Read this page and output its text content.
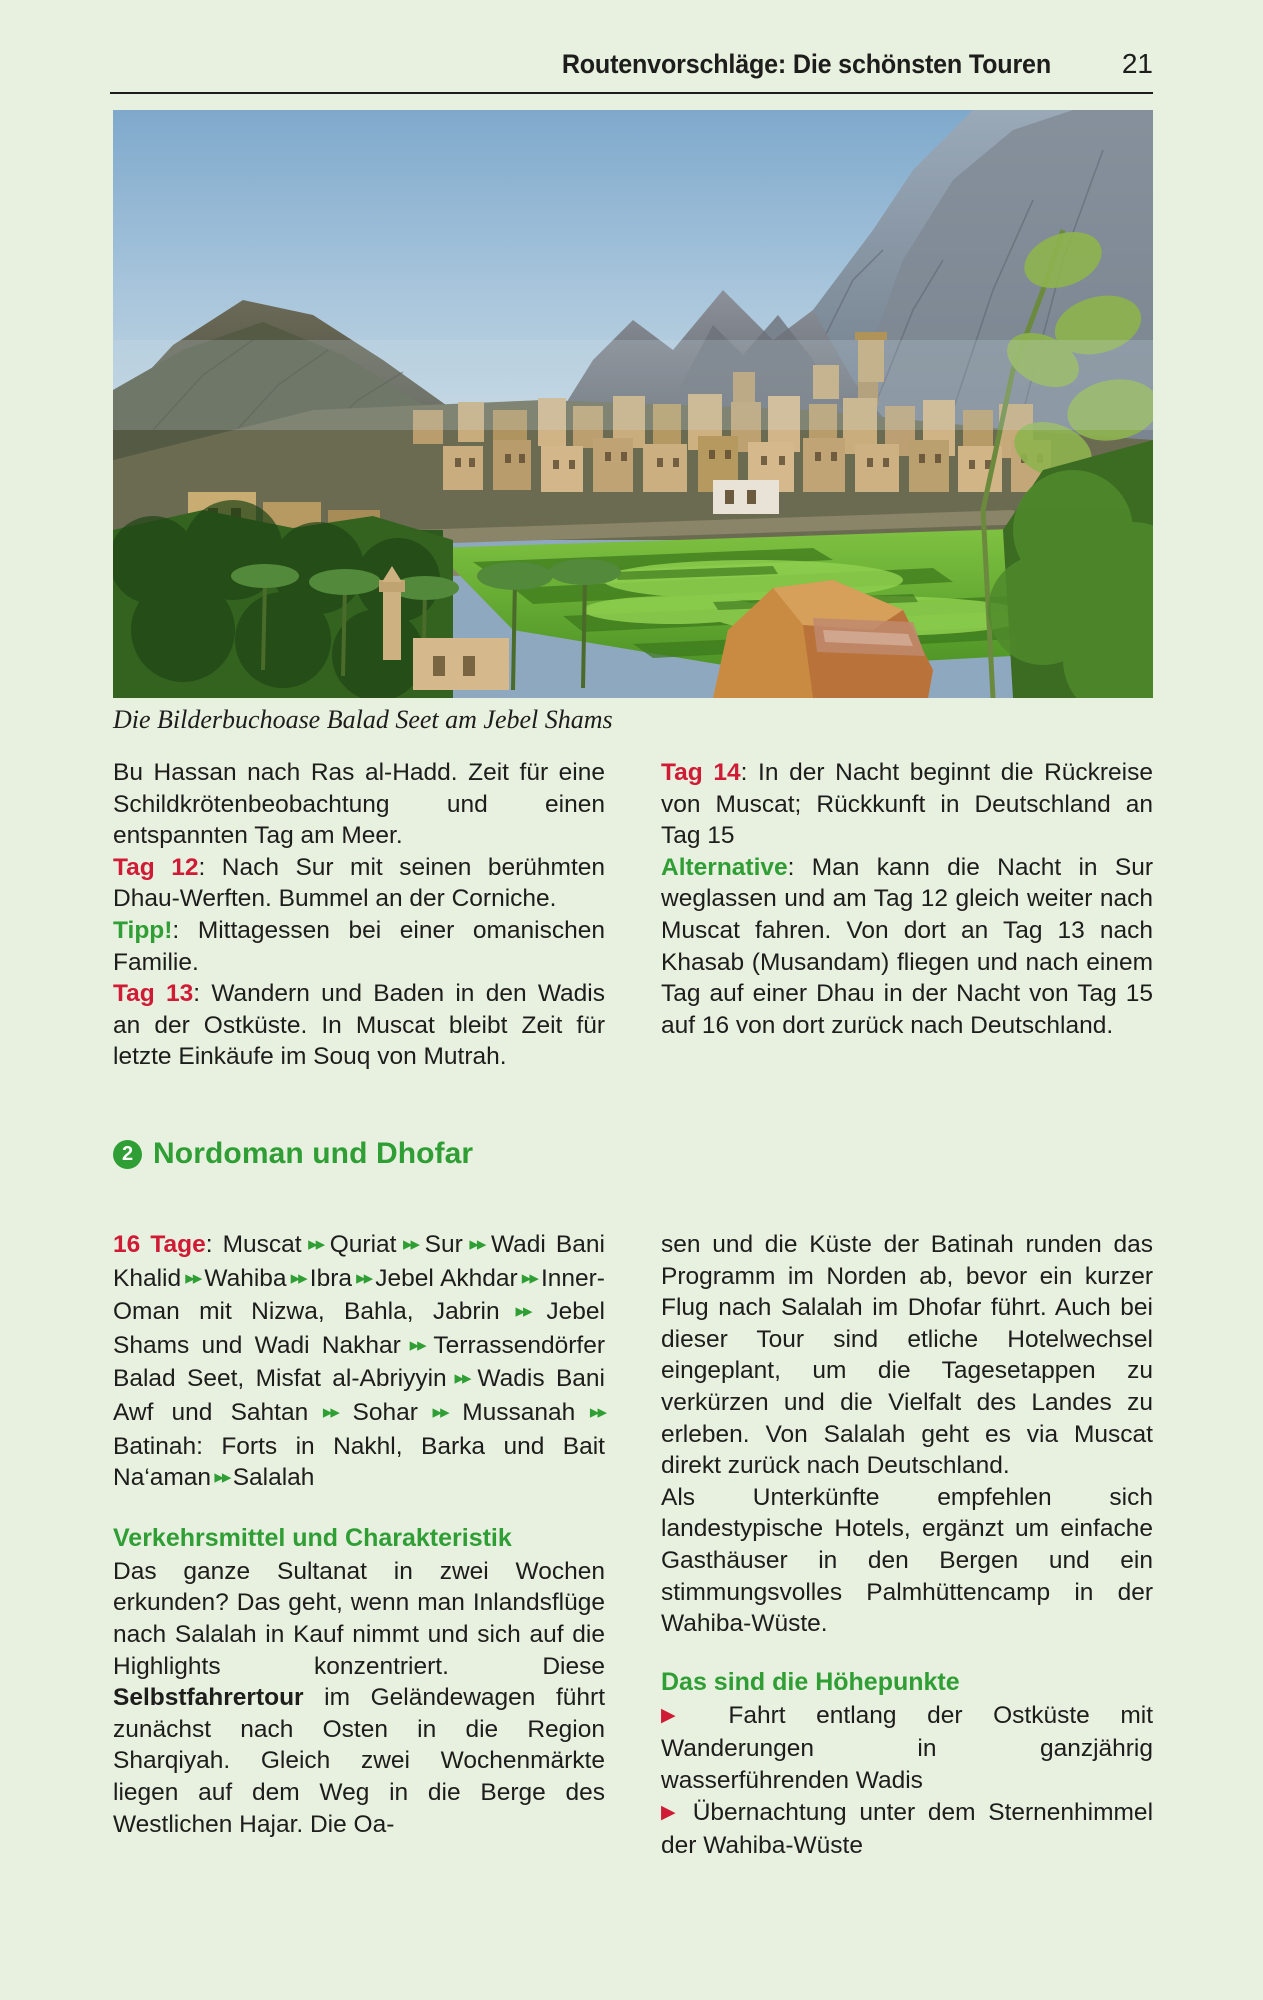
Routenvorschläge: Die schönsten Touren	21
Die Bilderbuchoase Balad Seet am Jebel Shams

Bu Hassan nach Ras al-Hadd. Zeit für eine Schildkrötenbeobachtung und einen entspannten Tag am Meer.

Tag 12: Nach Sur mit seinen berühmten Dhau-Werften. Bummel an der Corniche.

Tipp!: Mittagessen bei einer omanischen Familie.

Tag 13: Wandern und Baden in den Wadis an der Ostküste. In Muscat bleibt Zeit für letzte Einkäufe im Souq von Mutrah.

Tag 14: In der Nacht beginnt die Rückreise von Muscat; Rückkunft in Deutschland an Tag 15

Alternative: Man kann die Nacht in Sur weglassen und am Tag 12 gleich weiter nach Muscat fahren. Von dort an Tag 13 nach Khasab (Musandam) fliegen und nach einem Tag auf einer Dhau in der Nacht von Tag 15 auf 16 von dort zurück nach Deutschland.

2 Nordoman und Dhofar

16 Tage: Muscat ▸▸ Quriat ▸▸ Sur ▸▸ Wadi Bani Khalid ▸▸ Wahiba ▸▸ Ibra ▸▸ Jebel Akhdar ▸▸ Inner-Oman mit Nizwa, Bahla, Jabrin ▸▸ Jebel Shams und Wadi Nakhar ▸▸ Terrassendörfer Balad Seet, Misfat al-Abriyyin ▸▸ Wadis Bani Awf und Sahtan ▸▸ Sohar ▸▸ Mussanah ▸▸ Batinah: Forts in Nakhl, Barka und Bait Na‘aman ▸▸ Salalah

Verkehrsmittel und Charakteristik

Das ganze Sultanat in zwei Wochen erkunden? Das geht, wenn man Inlandsflüge nach Salalah in Kauf nimmt und sich auf die Highlights konzentriert. Diese Selbstfahrertour im Geländewagen führt zunächst nach Osten in die Region Sharqiyah. Gleich zwei Wochenmärkte liegen auf dem Weg in die Berge des Westlichen Hajar. Die Oa-

sen und die Küste der Batinah runden das Programm im Norden ab, bevor ein kurzer Flug nach Salalah im Dhofar führt. Auch bei dieser Tour sind etliche Hotelwechsel eingeplant, um die Tagesetappen zu verkürzen und die Vielfalt des Landes zu erleben. Von Salalah geht es via Muscat direkt zurück nach Deutschland.

Als Unterkünfte empfehlen sich landestypische Hotels, ergänzt um einfache Gasthäuser in den Bergen und ein stimmungsvolles Palmhüttencamp in der Wahiba-Wüste.

Das sind die Höhepunkte

▶ Fahrt entlang der Ostküste mit Wanderungen in ganzjährig wasserführenden Wadis

▶ Übernachtung unter dem Sternenhimmel der Wahiba-Wüste
